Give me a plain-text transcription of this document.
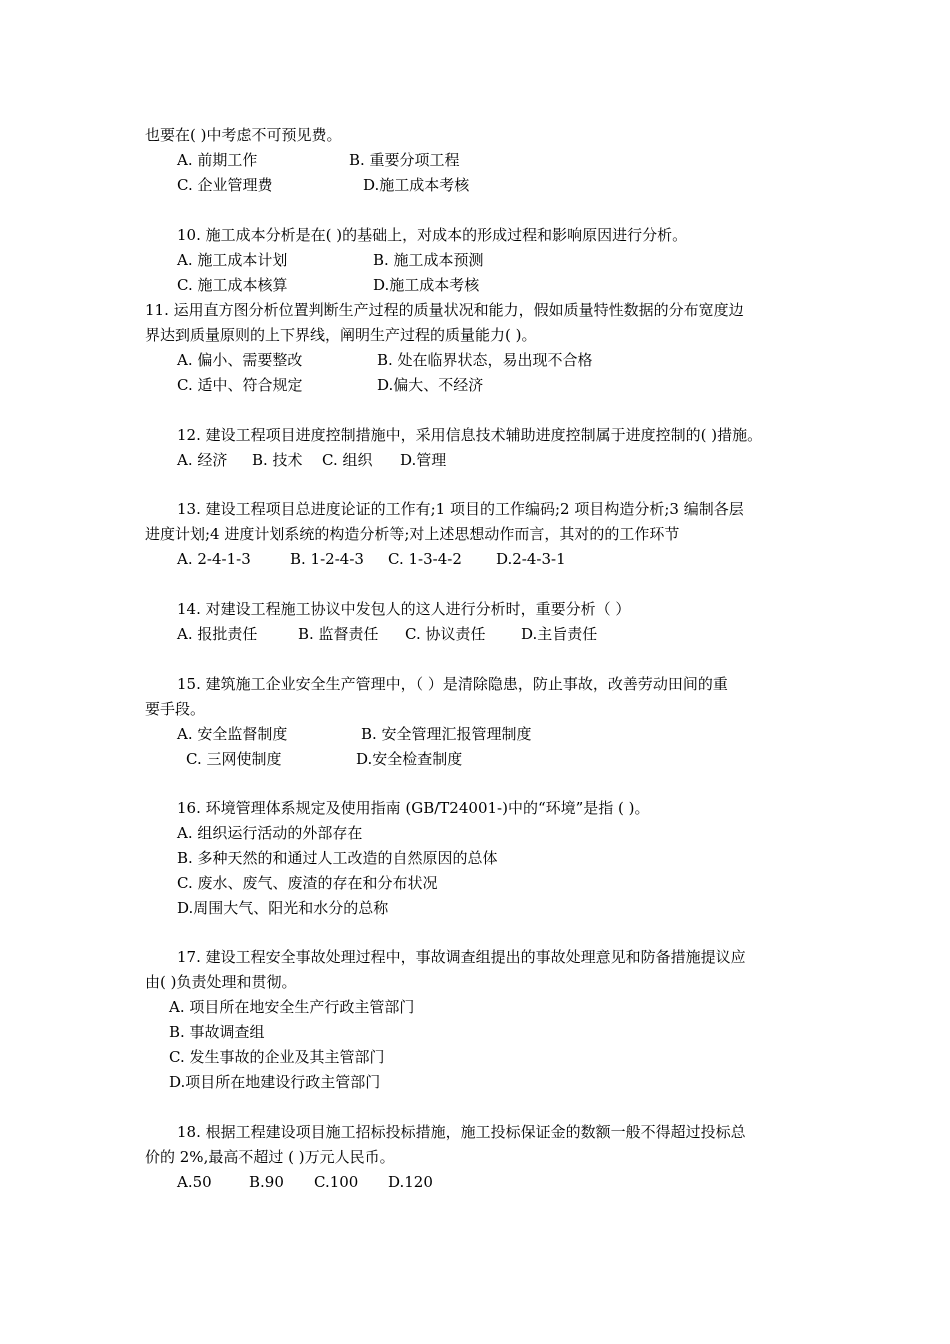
也要在( )中考虑不可预见费。
A. 前期工作	B. 重要分项工程
C. 企业管理费	D.施工成本考核
10. 施工成本分析是在( )的基础上，对成本的形成过程和影响原因进行分析。
A. 施工成本计划	B. 施工成本预测
C. 施工成本核算	D.施工成本考核
11. 运用直方图分析位置判断生产过程的质量状况和能力，假如质量特性数据的分布宽度边
界达到质量原则的上下界线，阐明生产过程的质量能力( )。
A. 偏小、需要整改	B. 处在临界状态，易出现不合格
C. 适中、符合规定	D.偏大、不经济
12. 建设工程项目进度控制措施中，采用信息技术辅助进度控制属于进度控制的( )措施。
A. 经济 B. 技术 C. 组织 D.管理
13. 建设工程项目总进度论证的工作有;1 项目的工作编码;2 项目构造分析;3 编制各层
进度计划;4 进度计划系统的构造分析等;对上述思想动作而言，其对的的工作环节
A. 2-4-1-3	B. 1-2-4-3 C. 1-3-4-2 D.2-4-3-1
14. 对建设工程施工协议中发包人的这人进行分析时，重要分析（ ）
A. 报批责任	B. 监督责任 C. 协议责任 D.主旨责任
15. 建筑施工企业安全生产管理中，（ ）是清除隐患，防止事故，改善劳动田间的重
要手段。
A. 安全监督制度	B. 安全管理汇报管理制度
C. 三网使制度	D.安全检查制度
16. 环境管理体系规定及使用指南 (GB/T24001-)中的“环境”是指 ( )。
A. 组织运行活动的外部存在
B. 多种天然的和通过人工改造的自然原因的总体
C. 废水、废气、废渣的存在和分布状况
D.周围大气、阳光和水分的总称
17. 建设工程安全事故处理过程中，事故调查组提出的事故处理意见和防备措施提议应
由( )负责处理和贯彻。
A. 项目所在地安全生产行政主管部门
B. 事故调查组
C. 发生事故的企业及其主管部门
D.项目所在地建设行政主管部门
18. 根据工程建设项目施工招标投标措施，施工投标保证金的数额一般不得超过投标总
价的 2%,最高不超过 ( )万元人民币。
A.50 B.90 C.100 D.120
